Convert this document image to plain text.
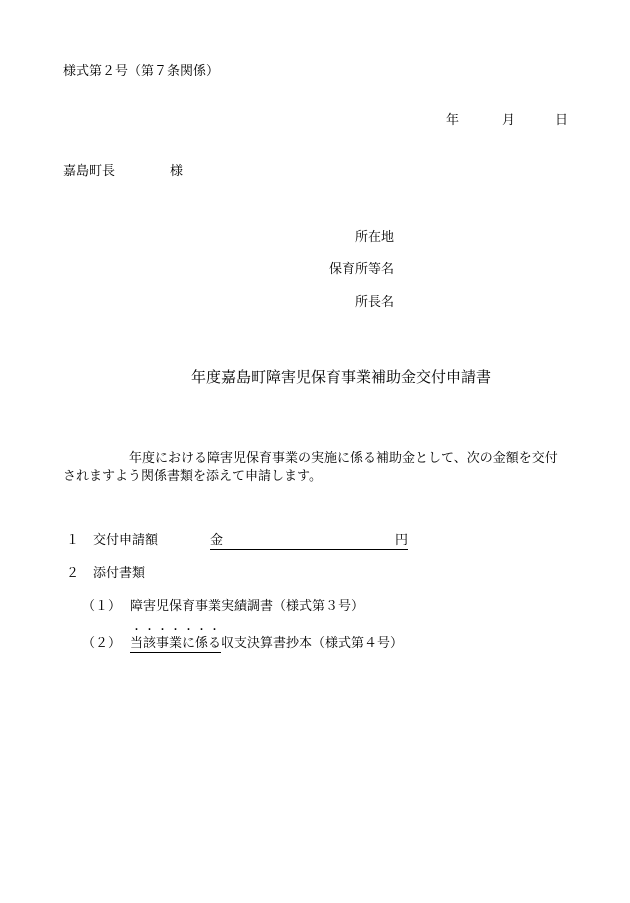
様式第２号（第７条関係）
年	月	日
嘉島町長	様
所在地
保育所等名
所長名
年度嘉島町障害児保育事業補助金交付申請書
年度における障害児保育事業の実施に係る補助金として、次の金額を交付
されますよう関係書類を添えて申請します。
１ 交付申請額	金	円
２ 添付書類
（１） 障害児保育事業実績調書（様式第３号）
（２）
・ ・ ・ ・ ・ ・ ・
当該事業に係る収支決算書抄本（様式第４号）
